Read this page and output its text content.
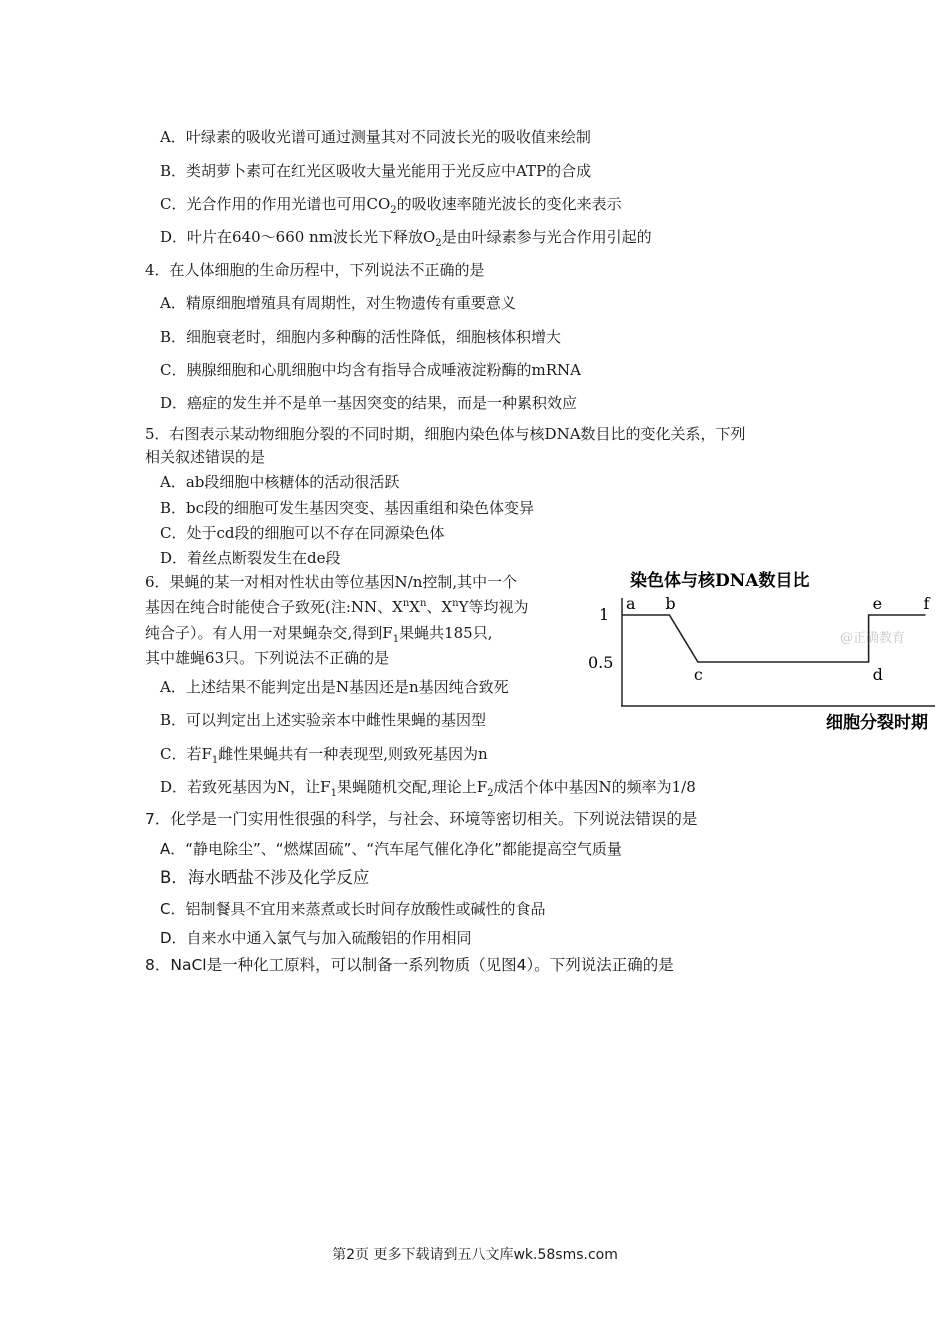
A．叶绿素的吸收光谱可通过测量其对不同波长光的吸收值来绘制
B．类胡萝卜素可在红光区吸收大量光能用于光反应中ATP的合成
C．光合作用的作用光谱也可用$CO_2$的吸收速率随光波长的变化来表示
D．叶片在640～660 nm波长光下释放$O_2$是由叶绿素参与光合作用引起的
4．在人体细胞的生命历程中，下列说法不正确的是
A．精原细胞增殖具有周期性，对生物遗传有重要意义
B．细胞衰老时，细胞内多种酶的活性降低，细胞核体积增大
C．胰腺细胞和心肌细胞中均含有指导合成唾液淀粉酶的mRNA
D．癌症的发生并不是单一基因突变的结果，而是一种累积效应
5．右图表示某动物细胞分裂的不同时期，细胞内染色体与核DNA数目比的变化关系，下列
相关叙述错误的是
A．ab段细胞中核糖体的活动很活跃
B．bc段的细胞可发生基因突变、基因重组和染色体变异
C．处于cd段的细胞可以不存在同源染色体
D．着丝点断裂发生在de段
6．果蝇的某一对相对性状由等位基因N/n控制,其中一个
基因在纯合时能使合子致死(注:NN、$X^nX^n$、$X^nY$等均视为
纯合子）。有人用一对果蝇杂交,得到$F_1$果蝇共185只,
其中雄蝇63只。下列说法不正确的是
A．上述结果不能判定出是N基因还是n基因纯合致死
B．可以判定出上述实验亲本中雌性果蝇的基因型
C．若$F_1$雌性果蝇共有一种表现型,则致死基因为n
D．若致死基因为N，让$F_1$果蝇随机交配,理论上$F_2$成活个体中基因N的频率为1/8
7．化学是一门实用性很强的科学，与社会、环境等密切相关。下列说法错误的是
A．“静电除尘”、“燃煤固硫”、“汽车尾气催化净化”都能提高空气质量
B．海水晒盐不涉及化学反应
C．铝制餐具不宜用来蒸煮或长时间存放酸性或碱性的食品
D．自来水中通入氯气与加入硫酸铝的作用相同
8．NaCl是一种化工原料，可以制备一系列物质（见图4）。下列说法正确的是
染色体与核DNA数目比
1
0.5
细胞分裂时期
@正确教育
a b
c	d
e	f
第2页 更多下载请到五八文库wk.58sms.com
